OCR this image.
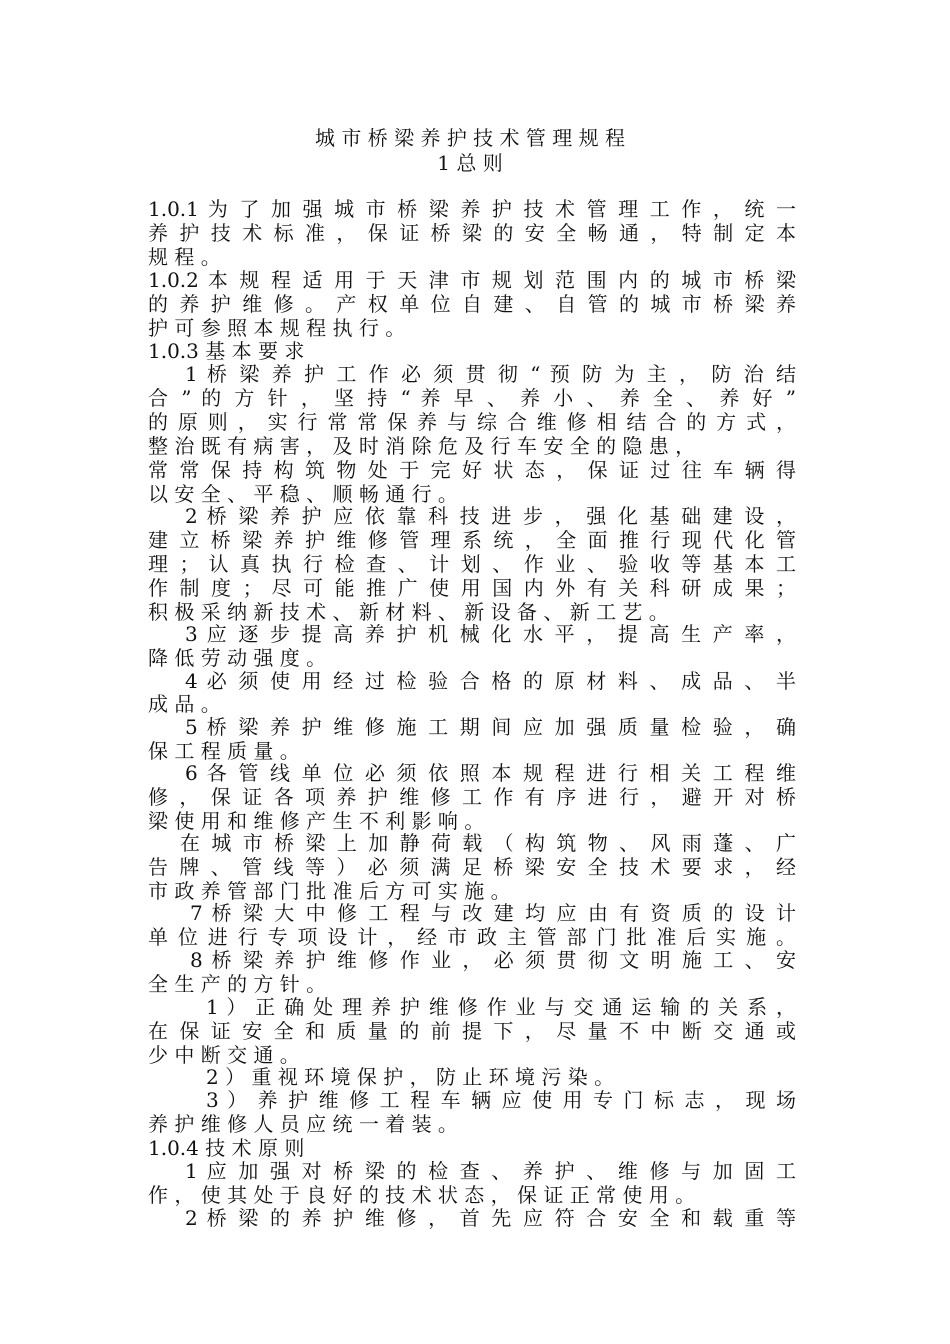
城 市 桥 梁 养 护 技 术 管 理 规 程
1 总 则
1.0.1 为 了 加 强 城 市 桥 梁 养 护 技 术 管 理 工 作 ， 统 一
养 护 技 术 标 准 ， 保 证 桥 梁 的 安 全 畅 通 ， 特 制 定 本
规 程 。
1.0.2 本 规 程 适 用 于 天 津 市 规 划 范 围 内 的 城 市 桥 梁
的 养 护 维 修 。 产 权 单 位 自 建 、 自 管 的 城 市 桥 梁 养
护 可 参 照 本 规 程 执 行 。
1.0.3 基 本 要 求
1 桥 梁 养 护 工 作 必 须 贯 彻 “ 预 防 为 主 ， 防 治 结
合 ” 的 方 针 ， 坚 持 “ 养 早 、 养 小 、 养 全 、 养 好 ”
的 原 则 ， 实 行 常 常 保 养 与 综 合 维 修 相 结 合 的 方 式 ，
整 治 既 有 病 害 ， 及 时 消 除 危 及 行 车 安 全 的 隐 患 ，
常 常 保 持 构 筑 物 处 于 完 好 状 态 ， 保 证 过 往 车 辆 得
以 安 全 、 平 稳 、 顺 畅 通 行 。
2 桥 梁 养 护 应 依 靠 科 技 进 步 ， 强 化 基 础 建 设 ，
建 立 桥 梁 养 护 维 修 管 理 系 统 ， 全 面 推 行 现 代 化 管
理 ； 认 真 执 行 检 查 、 计 划 、 作 业 、 验 收 等 基 本 工
作 制 度 ； 尽 可 能 推 广 使 用 国 内 外 有 关 科 研 成 果 ；
积 极 采 纳 新 技 术 、 新 材 料 、 新 设 备 、 新 工 艺 。
3 应 逐 步 提 高 养 护 机 械 化 水 平 ， 提 高 生 产 率 ，
降 低 劳 动 强 度 。
4 必 须 使 用 经 过 检 验 合 格 的 原 材 料 、 成 品 、 半
成 品 。
5 桥 梁 养 护 维 修 施 工 期 间 应 加 强 质 量 检 验 ， 确
保 工 程 质 量 。
6 各 管 线 单 位 必 须 依 照 本 规 程 进 行 相 关 工 程 维
修 ， 保 证 各 项 养 护 维 修 工 作 有 序 进 行 ， 避 开 对 桥
梁 使 用 和 维 修 产 生 不 利 影 响 。
在 城 市 桥 梁 上 加 静 荷 载 （ 构 筑 物 、 风 雨 蓬 、 广
告 牌 、 管 线 等 ） 必 须 满 足 桥 梁 安 全 技 术 要 求 ， 经
市 政 养 管 部 门 批 准 后 方 可 实 施 。
7 桥 梁 大 中 修 工 程 与 改 建 均 应 由 有 资 质 的 设 计
单 位 进 行 专 项 设 计 ， 经 市 政 主 管 部 门 批 准 后 实 施 。
8 桥 梁 养 护 维 修 作 业 ， 必 须 贯 彻 文 明 施 工 、 安
全 生 产 的 方 针 。
1 ） 正 确 处 理 养 护 维 修 作 业 与 交 通 运 输 的 关 系 ，
在 保 证 安 全 和 质 量 的 前 提 下 ， 尽 量 不 中 断 交 通 或
少 中 断 交 通 。
2 ） 重 视 环 境 保 护 ， 防 止 环 境 污 染 。
3 ） 养 护 维 修 工 程 车 辆 应 使 用 专 门 标 志 ， 现 场
养 护 维 修 人 员 应 统 一 着 装 。
1.0.4 技 术 原 则
1 应 加 强 对 桥 梁 的 检 查 、 养 护 、 维 修 与 加 固 工
作 ， 使 其 处 于 良 好 的 技 术 状 态 ， 保 证 正 常 使 用 。
2 桥 梁 的 养 护 维 修 ， 首 先 应 符 合 安 全 和 载 重 等
